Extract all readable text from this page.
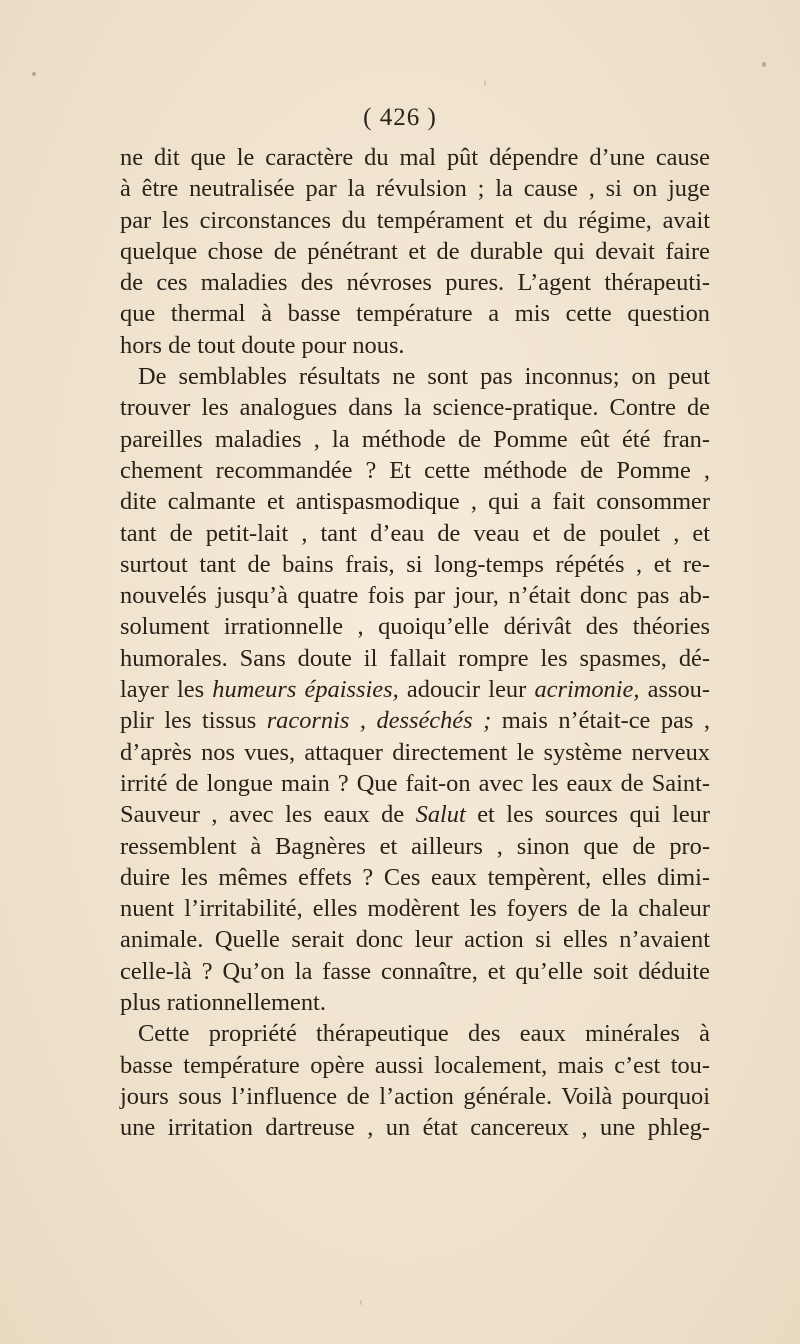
( 426 )
ne dit que le caractère du mal pût dépendre d’une cause
à être neutralisée par la révulsion ; la cause , si on juge
par les circonstances du tempérament et du régime, avait
quelque chose de pénétrant et de durable qui devait faire
de ces maladies des névroses pures. L’agent thérapeuti-
que thermal à basse température a mis cette question
hors de tout doute pour nous.
De semblables résultats ne sont pas inconnus; on peut
trouver les analogues dans la science-pratique. Contre de
pareilles maladies , la méthode de Pomme eût été fran-
chement recommandée ? Et cette méthode de Pomme ,
dite calmante et antispasmodique , qui a fait consommer
tant de petit-lait , tant d’eau de veau et de poulet , et
surtout tant de bains frais, si long-temps répétés , et re-
nouvelés jusqu’à quatre fois par jour, n’était donc pas ab-
solument irrationnelle , quoiqu’elle dérivât des théories
humorales. Sans doute il fallait rompre les spasmes, dé-
layer les humeurs épaissies, adoucir leur acrimonie, assou-
plir les tissus racornis , desséchés ; mais n’était-ce pas ,
d’après nos vues, attaquer directement le système nerveux
irrité de longue main ? Que fait-on avec les eaux de Saint-
Sauveur , avec les eaux de Salut et les sources qui leur
ressemblent à Bagnères et ailleurs , sinon que de pro-
duire les mêmes effets ? Ces eaux tempèrent, elles dimi-
nuent l’irritabilité, elles modèrent les foyers de la chaleur
animale. Quelle serait donc leur action si elles n’avaient
celle-là ? Qu’on la fasse connaître, et qu’elle soit déduite
plus rationnellement.
Cette propriété thérapeutique des eaux minérales à
basse température opère aussi localement, mais c’est tou-
jours sous l’influence de l’action générale. Voilà pourquoi
une irritation dartreuse , un état cancereux , une phleg-
